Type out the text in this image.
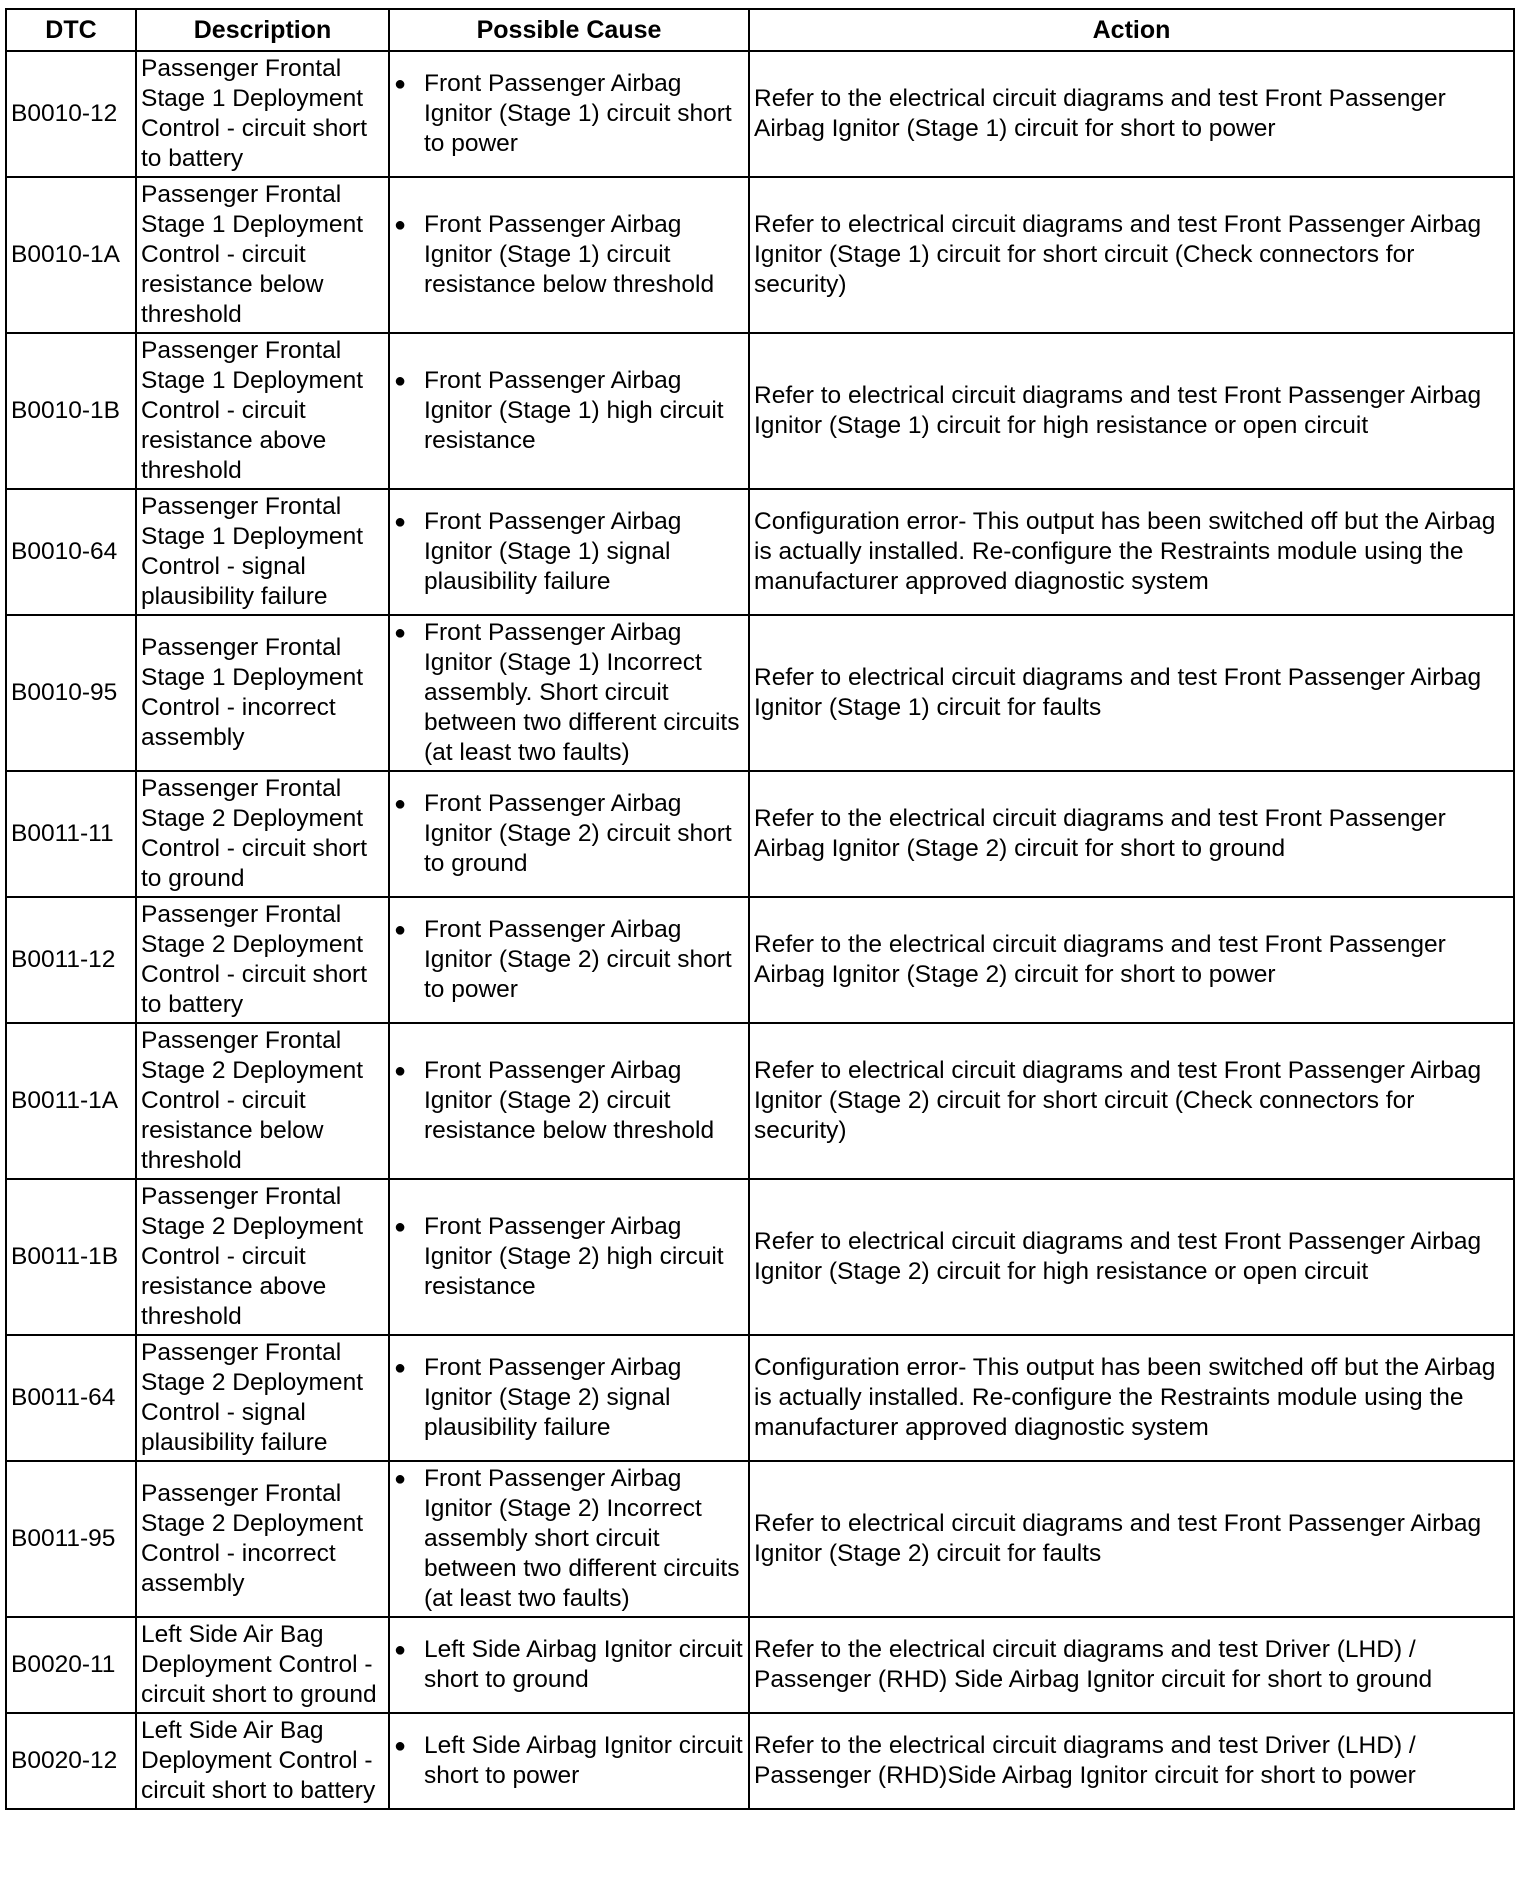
DTC	Description	Possible Cause	Action
B0010-12	Passenger Frontal Stage 1 Deployment Control - circuit short to battery	● Front Passenger Airbag Ignitor (Stage 1) circuit short to power	Refer to the electrical circuit diagrams and test Front Passenger Airbag Ignitor (Stage 1) circuit for short to power
B0010-1A	Passenger Frontal Stage 1 Deployment Control - circuit resistance below threshold	● Front Passenger Airbag Ignitor (Stage 1) circuit resistance below threshold	Refer to electrical circuit diagrams and test Front Passenger Airbag Ignitor (Stage 1) circuit for short circuit (Check connectors for security)
B0010-1B	Passenger Frontal Stage 1 Deployment Control - circuit resistance above threshold	● Front Passenger Airbag Ignitor (Stage 1) high circuit resistance	Refer to electrical circuit diagrams and test Front Passenger Airbag Ignitor (Stage 1) circuit for high resistance or open circuit
B0010-64	Passenger Frontal Stage 1 Deployment Control - signal plausibility failure	● Front Passenger Airbag Ignitor (Stage 1) signal plausibility failure	Configuration error- This output has been switched off but the Airbag is actually installed. Re-configure the Restraints module using the manufacturer approved diagnostic system
B0010-95	Passenger Frontal Stage 1 Deployment Control - incorrect assembly	● Front Passenger Airbag Ignitor (Stage 1) Incorrect assembly. Short circuit between two different circuits (at least two faults)	Refer to electrical circuit diagrams and test Front Passenger Airbag Ignitor (Stage 1) circuit for faults
B0011-11	Passenger Frontal Stage 2 Deployment Control - circuit short to ground	● Front Passenger Airbag Ignitor (Stage 2) circuit short to ground	Refer to the electrical circuit diagrams and test Front Passenger Airbag Ignitor (Stage 2) circuit for short to ground
B0011-12	Passenger Frontal Stage 2 Deployment Control - circuit short to battery	● Front Passenger Airbag Ignitor (Stage 2) circuit short to power	Refer to the electrical circuit diagrams and test Front Passenger Airbag Ignitor (Stage 2) circuit for short to power
B0011-1A	Passenger Frontal Stage 2 Deployment Control - circuit resistance below threshold	● Front Passenger Airbag Ignitor (Stage 2) circuit resistance below threshold	Refer to electrical circuit diagrams and test Front Passenger Airbag Ignitor (Stage 2) circuit for short circuit (Check connectors for security)
B0011-1B	Passenger Frontal Stage 2 Deployment Control - circuit resistance above threshold	● Front Passenger Airbag Ignitor (Stage 2) high circuit resistance	Refer to electrical circuit diagrams and test Front Passenger Airbag Ignitor (Stage 2) circuit for high resistance or open circuit
B0011-64	Passenger Frontal Stage 2 Deployment Control - signal plausibility failure	● Front Passenger Airbag Ignitor (Stage 2) signal plausibility failure	Configuration error- This output has been switched off but the Airbag is actually installed. Re-configure the Restraints module using the manufacturer approved diagnostic system
B0011-95	Passenger Frontal Stage 2 Deployment Control - incorrect assembly	● Front Passenger Airbag Ignitor (Stage 2) Incorrect assembly short circuit between two different circuits (at least two faults)	Refer to electrical circuit diagrams and test Front Passenger Airbag Ignitor (Stage 2) circuit for faults
B0020-11	Left Side Air Bag Deployment Control - circuit short to ground	● Left Side Airbag Ignitor circuit short to ground	Refer to the electrical circuit diagrams and test Driver (LHD) / Passenger (RHD) Side Airbag Ignitor circuit for short to ground
B0020-12	Left Side Air Bag Deployment Control - circuit short to battery	● Left Side Airbag Ignitor circuit short to power	Refer to the electrical circuit diagrams and test Driver (LHD) / Passenger (RHD)Side Airbag Ignitor circuit for short to power
